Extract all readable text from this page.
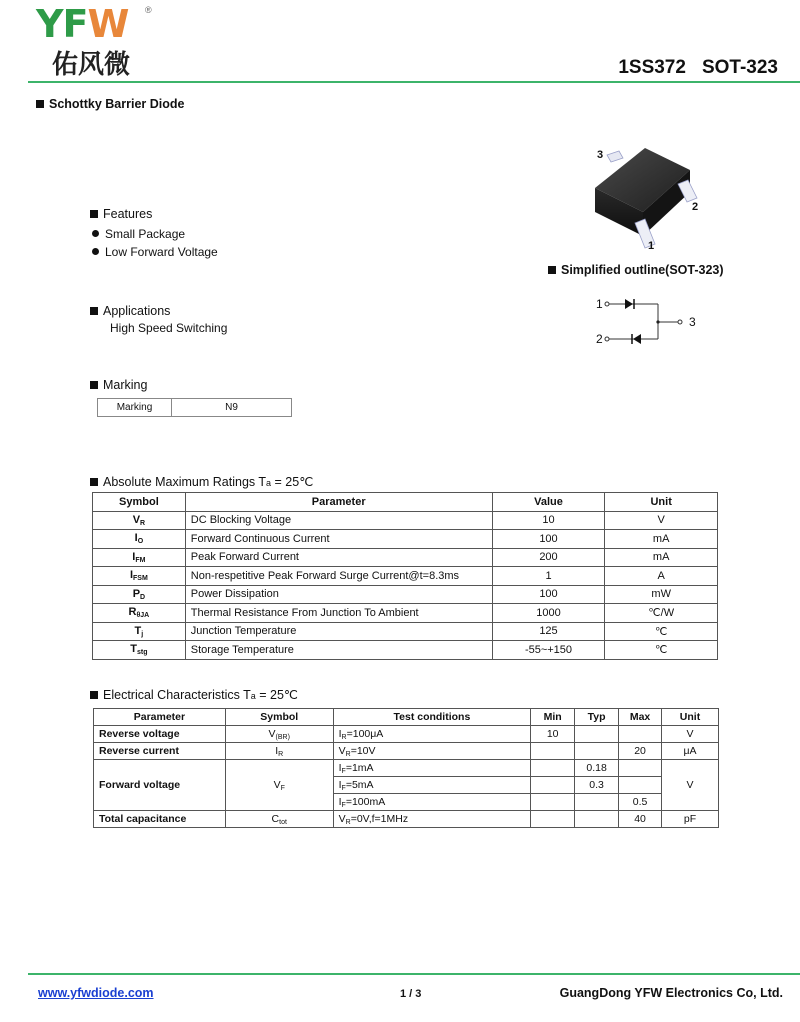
YFW ®
佑风微	1SS372 SOT-323
Schottky Barrier Diode
Features
Small Package
Low Forward Voltage
Applications
High Speed Switching
Marking
Marking	N9
3
2
1
Simplified outline(SOT-323)
1
2
3
Absolute Maximum Ratings Ta = 25℃
Symbol	Parameter	Value	Unit
$V_R$	DC Blocking Voltage	10	V
$I_O$	Forward Continuous Current	100	mA
$I_{FM}$	Peak Forward Current	200	mA
$I_{FSM}$	Non-respetitive Peak Forward Surge Current@t=8.3ms	1	A
$P_D$	Power Dissipation	100	mW
$R_{\theta JA}$	Thermal Resistance From Junction To Ambient	1000	℃/W
$T_j$	Junction Temperature	125	℃
$T_{stg}$	Storage Temperature	-55~+150	℃
Electrical Characteristics Ta = 25℃
Parameter	Symbol	Test conditions	Min	Typ	Max	Unit
Reverse voltage	$V_{(BR)}$	$I_R=100\mu A$	10			V
Reverse current	$I_R$	$V_R=10V$			20	μA
Forward voltage	$V_F$	$I_F=1mA$		0.18		V
		$I_F=5mA$		0.3		
		$I_F=100mA$			0.5	
Total capacitance	$C_{tot}$	$V_R=0V,f=1MHz$			40	pF
www.yfwdiode.com	1 / 3	GuangDong YFW Electronics Co, Ltd.
